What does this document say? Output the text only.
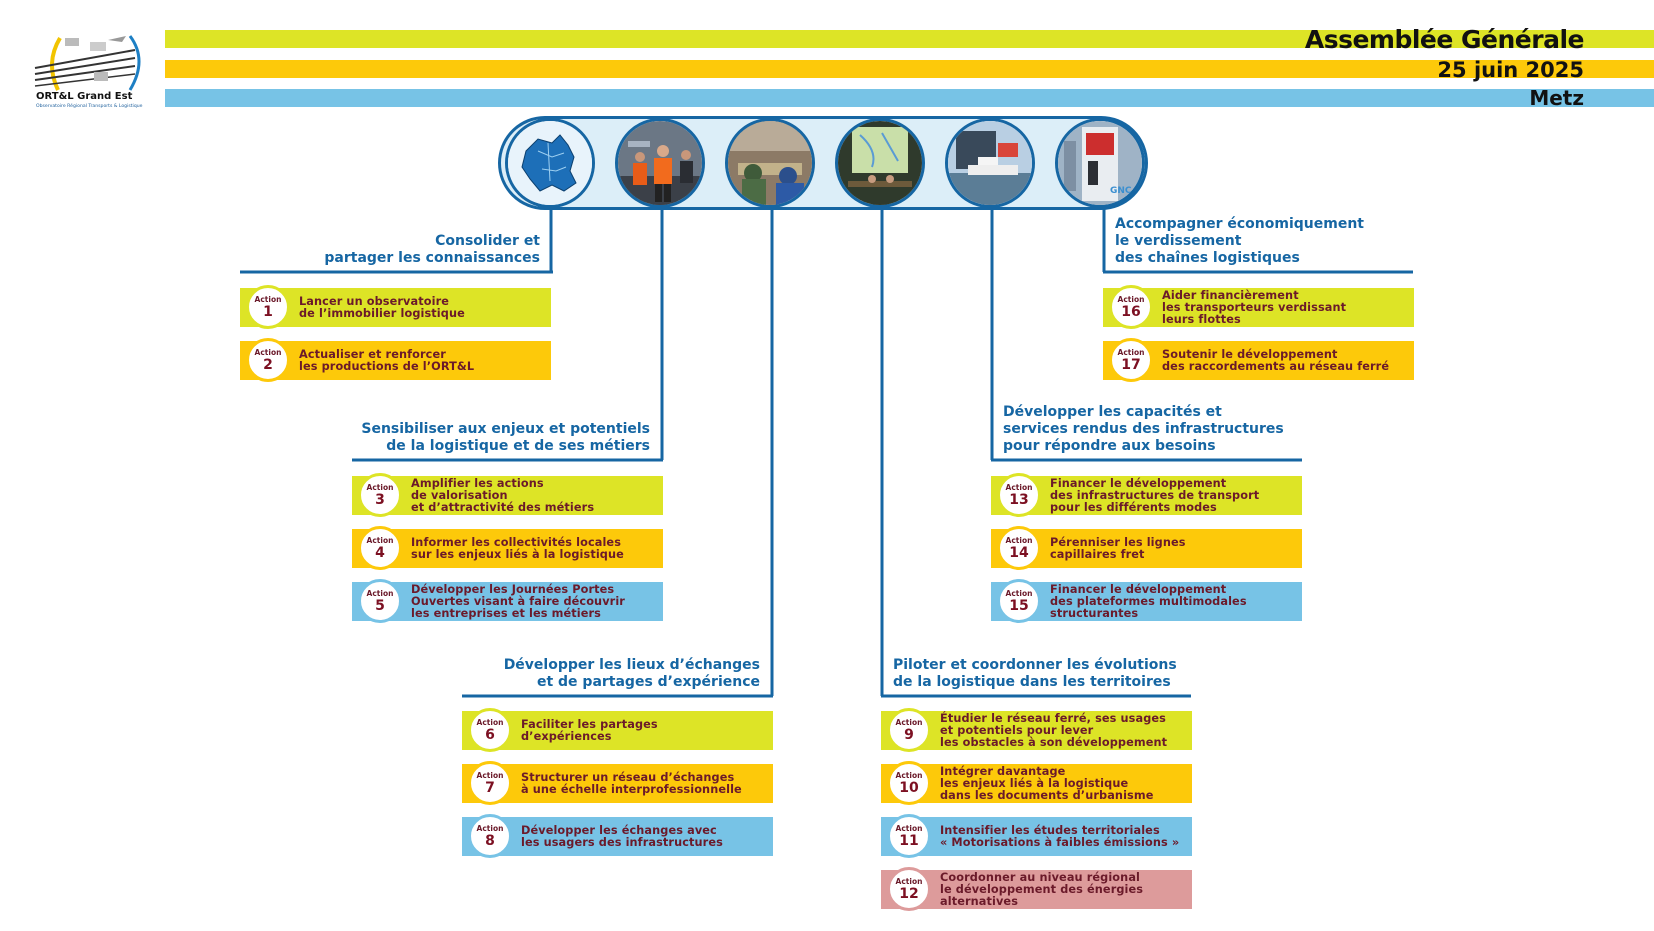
Assemblée Générale
25 juin 2025
Metz
ORT&L Grand Est
Observatoire Régional Transports & Logistique
GNC
Consolider et
partager les connaissances
Action
1
Lancer un observatoire
de l’immobilier logistique
Action
2
Actualiser et renforcer
les productions de l’ORT&L
Sensibiliser aux enjeux et potentiels
de la logistique et de ses métiers
Action
3
Amplifier les actions
de valorisation
et d’attractivité des métiers
Action
4
Informer les collectivités locales
sur les enjeux liés à la logistique
Action
5
Développer les Journées Portes
Ouvertes visant à faire découvrir
les entreprises et les métiers
Développer les lieux d’échanges
et de partages d’expérience
Action
6
Faciliter les partages
d’expériences
Action
7
Structurer un réseau d’échanges
à une échelle interprofessionnelle
Action
8
Développer les échanges avec
les usagers des infrastructures
Piloter et coordonner les évolutions
de la logistique dans les territoires
Action
9
Étudier le réseau ferré, ses usages
et potentiels pour lever
les obstacles à son développement
Action
10
Intégrer davantage
les enjeux liés à la logistique
dans les documents d’urbanisme
Action
11
Intensifier les études territoriales
« Motorisations à faibles émissions »
Action
12
Coordonner au niveau régional
le développement des énergies
alternatives
Développer les capacités et
services rendus des infrastructures
pour répondre aux besoins
Action
13
Financer le développement
des infrastructures de transport
pour les différents modes
Action
14
Pérenniser les lignes
capillaires fret
Action
15
Financer le développement
des plateformes multimodales
structurantes
Accompagner économiquement
le verdissement
des chaînes logistiques
Action
16
Aider financièrement
les transporteurs verdissant
leurs flottes
Action
17
Soutenir le développement
des raccordements au réseau ferré
